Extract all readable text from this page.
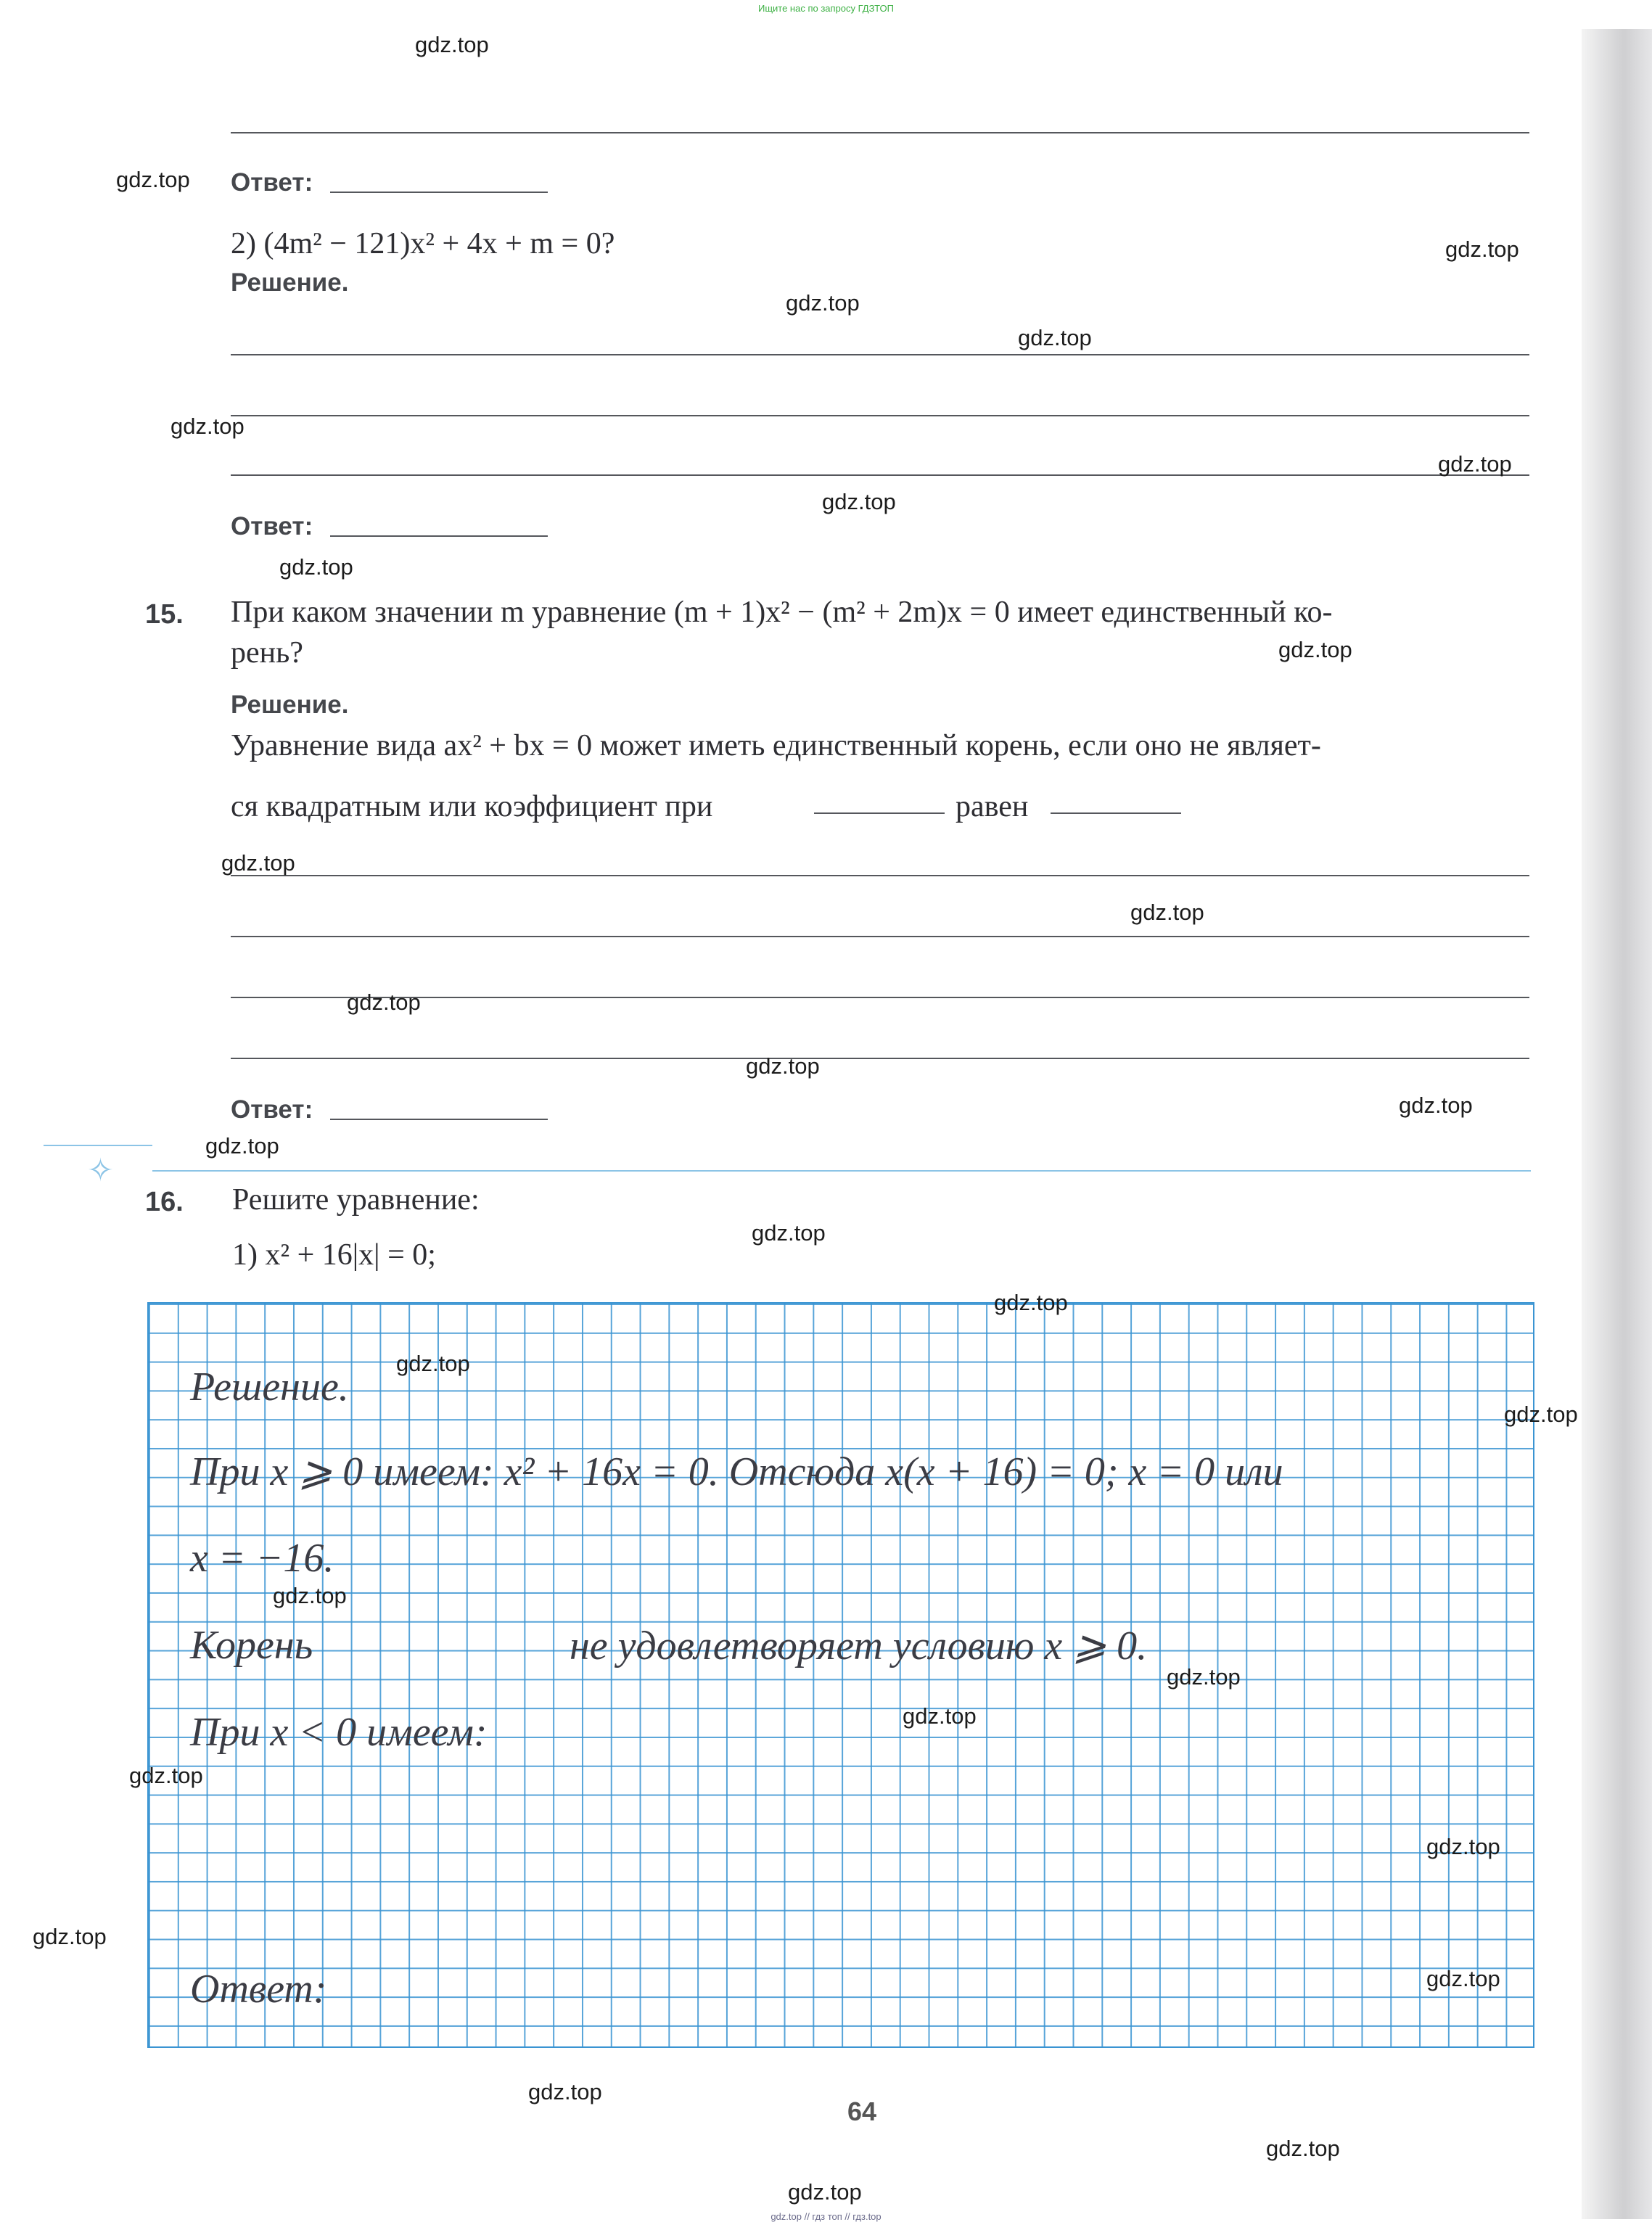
Ищите нас по запросу ГДЗТОП
Ответ:
2) (4m² − 121)x² + 4x + m = 0?
Решение.
Ответ:
15. При каком значении m уравнение (m + 1)x² − (m² + 2m)x = 0 имеет единственный ко-
рень?
Решение.
Уравнение вида ax² + bx = 0 может иметь единственный корень, если оно не являет-
ся квадратным или коэффициент при	равен
Ответ:
✧
16. Решите уравнение:
1) x² + 16|x| = 0;
Решение.
При x ⩾ 0 имеем: x² + 16x = 0. Отсюда x(x + 16) = 0; x = 0 или
x = −16.
Корень	не удовлетворяет условию x ⩾ 0.
При x < 0 имеем:
Ответ:
64
gdz.top
gdz.top
gdz.top
gdz.top
gdz.top
gdz.top
gdz.top
gdz.top
gdz.top
gdz.top
gdz.top
gdz.top
gdz.top
gdz.top
gdz.top
gdz.top
gdz.top
gdz.top
gdz.top
gdz.top
gdz.top
gdz.top
gdz.top
gdz.top
gdz.top
gdz.top
gdz.top
gdz.top
gdz.top
gdz.top
gdz.top // гдз топ // гдз.top
